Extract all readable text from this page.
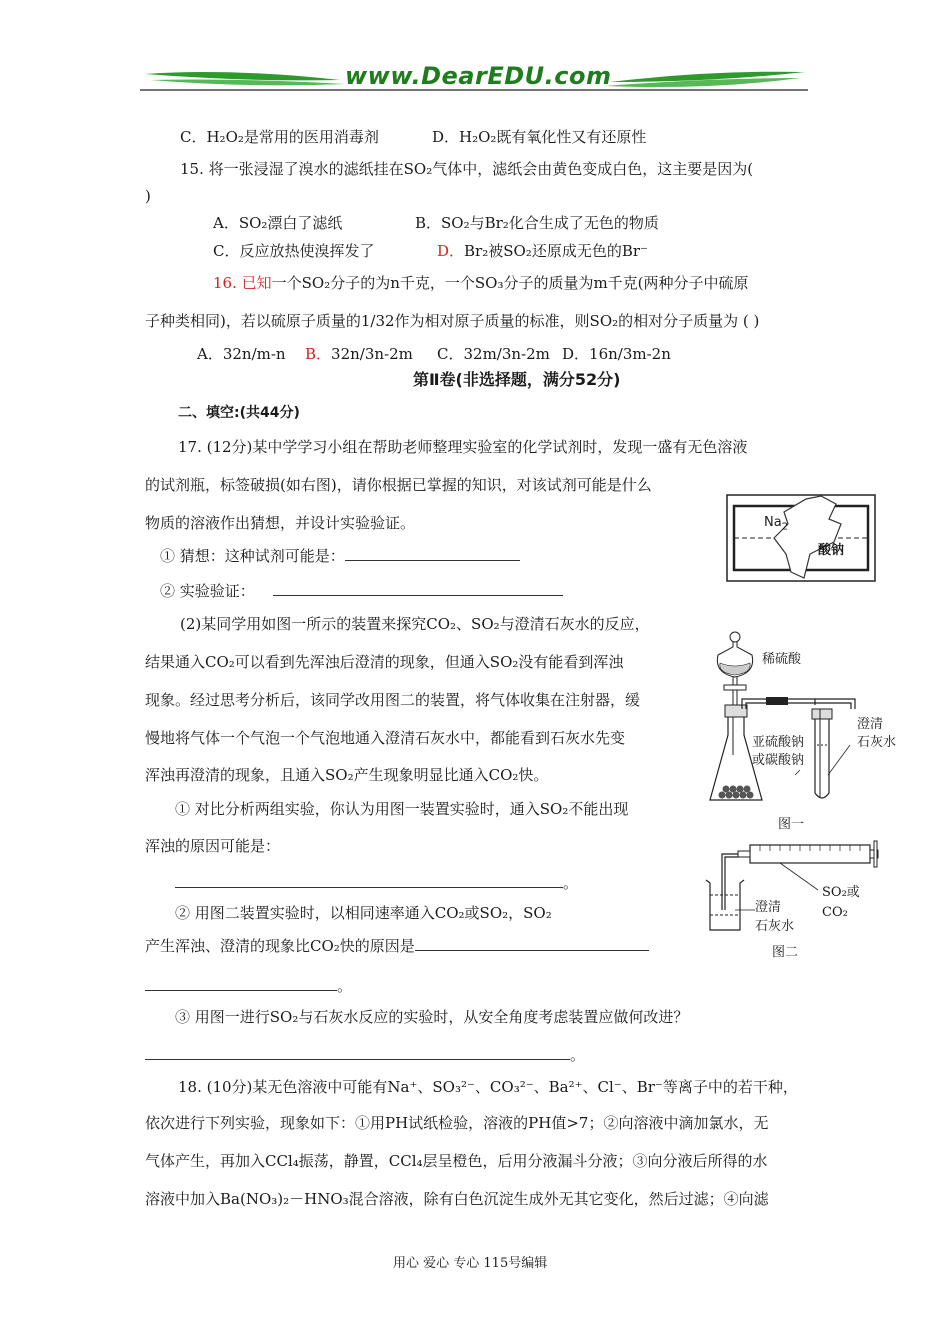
www.DearEDU.com
C．H₂O₂是常用的医用消毒剂	D．H₂O₂既有氧化性又有还原性
15. 将一张浸湿了溴水的滤纸挂在SO₂气体中，滤纸会由黄色变成白色，这主要是因为(
)
A．SO₂漂白了滤纸	B．SO₂与Br₂化合生成了无色的物质
C．反应放热使溴挥发了	D．Br₂被SO₂还原成无色的Br⁻
16. 已知一个SO₂分子的为n千克，一个SO₃分子的质量为m千克(两种分子中硫原
子种类相同)，若以硫原子质量的1/32作为相对原子质量的标准，则SO₂的相对分子质量为 ( )
A．32n/m-n B．32n/3n-2m C．32m/3n-2m D．16n/3m-2n
第Ⅱ卷(非选择题，满分52分)
二、填空:(共44分)
17. (12分)某中学学习小组在帮助老师整理实验室的化学试剂时，发现一盛有无色溶液
的试剂瓶，标签破损(如右图)，请你根据已掌握的知识，对该试剂可能是什么
物质的溶液作出猜想，并设计实验验证。
① 猜想：这种试剂可能是：
② 实验验证：
(2)某同学用如图一所示的装置来探究CO₂、SO₂与澄清石灰水的反应，
结果通入CO₂可以看到先浑浊后澄清的现象，但通入SO₂没有能看到浑浊
现象。经过思考分析后，该同学改用图二的装置，将气体收集在注射器，缓
慢地将气体一个气泡一个气泡地通入澄清石灰水中，都能看到石灰水先变
浑浊再澄清的现象，且通入SO₂产生现象明显比通入CO₂快。
① 对比分析两组实验，你认为用图一装置实验时，通入SO₂不能出现
浑浊的原因可能是：
。
② 用图二装置实验时，以相同速率通入CO₂或SO₂，SO₂
产生浑浊、澄清的现象比CO₂快的原因是
。
③ 用图一进行SO₂与石灰水反应的实验时，从安全角度考虑装置应做何改进？
。
18. (10分)某无色溶液中可能有Na⁺、SO₃²⁻、CO₃²⁻、Ba²⁺、Cl⁻、Br⁻等离子中的若干种，
依次进行下列实验，现象如下：①用PH试纸检验，溶液的PH值>7；②向溶液中滴加氯水，无
气体产生，再加入CCl₄振荡，静置，CCl₄层呈橙色，后用分液漏斗分液；③向分液后所得的水
溶液中加入Ba(NO₃)₂－HNO₃混合溶液，除有白色沉淀生成外无其它变化，然后过滤；④向滤
$Na_2$
酸钠
稀硫酸
亚硫酸钠
或碳酸钠
澄清
石灰水
图一
SO₂或
CO₂
澄清
石灰水
图二
用心 爱心 专心 115号编辑
